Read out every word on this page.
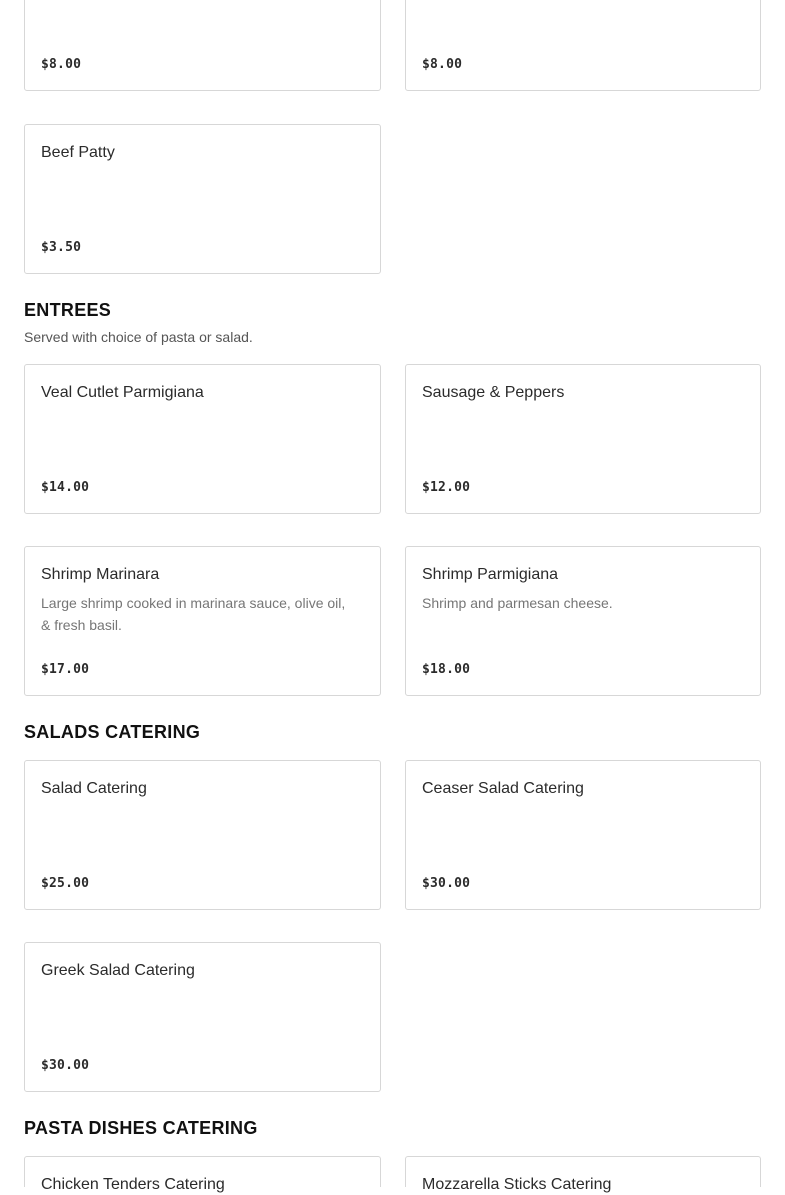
$8.00	$8.00
Beef Patty
$3.50
ENTREES
Served with choice of pasta or salad.
Veal Cutlet Parmigiana
$14.00
Sausage & Peppers
$12.00
Shrimp Marinara
Large shrimp cooked in marinara sauce, olive oil, & fresh basil.
$17.00
Shrimp Parmigiana
Shrimp and parmesan cheese.
$18.00
SALADS CATERING
Salad Catering
$25.00
Ceaser Salad Catering
$30.00
Greek Salad Catering
$30.00
PASTA DISHES CATERING
Chicken Tenders Catering	Mozzarella Sticks Catering
